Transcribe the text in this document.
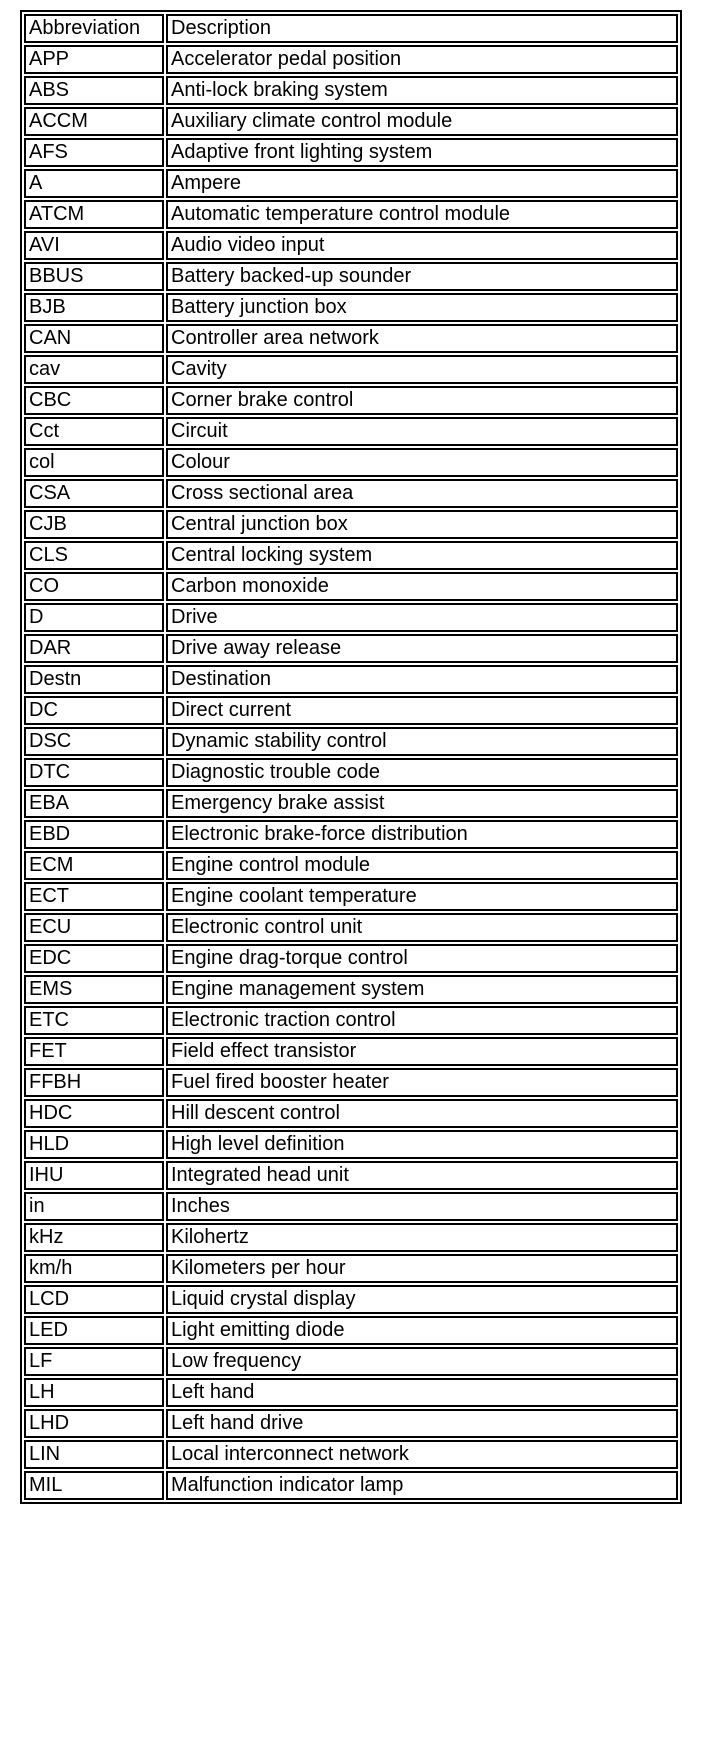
Abbreviation	Description
APP	Accelerator pedal position
ABS	Anti-lock braking system
ACCM	Auxiliary climate control module
AFS	Adaptive front lighting system
A	Ampere
ATCM	Automatic temperature control module
AVI	Audio video input
BBUS	Battery backed-up sounder
BJB	Battery junction box
CAN	Controller area network
cav	Cavity
CBC	Corner brake control
Cct	Circuit
col	Colour
CSA	Cross sectional area
CJB	Central junction box
CLS	Central locking system
CO	Carbon monoxide
D	Drive
DAR	Drive away release
Destn	Destination
DC	Direct current
DSC	Dynamic stability control
DTC	Diagnostic trouble code
EBA	Emergency brake assist
EBD	Electronic brake-force distribution
ECM	Engine control module
ECT	Engine coolant temperature
ECU	Electronic control unit
EDC	Engine drag-torque control
EMS	Engine management system
ETC	Electronic traction control
FET	Field effect transistor
FFBH	Fuel fired booster heater
HDC	Hill descent control
HLD	High level definition
IHU	Integrated head unit
in	Inches
kHz	Kilohertz
km/h	Kilometers per hour
LCD	Liquid crystal display
LED	Light emitting diode
LF	Low frequency
LH	Left hand
LHD	Left hand drive
LIN	Local interconnect network
MIL	Malfunction indicator lamp
